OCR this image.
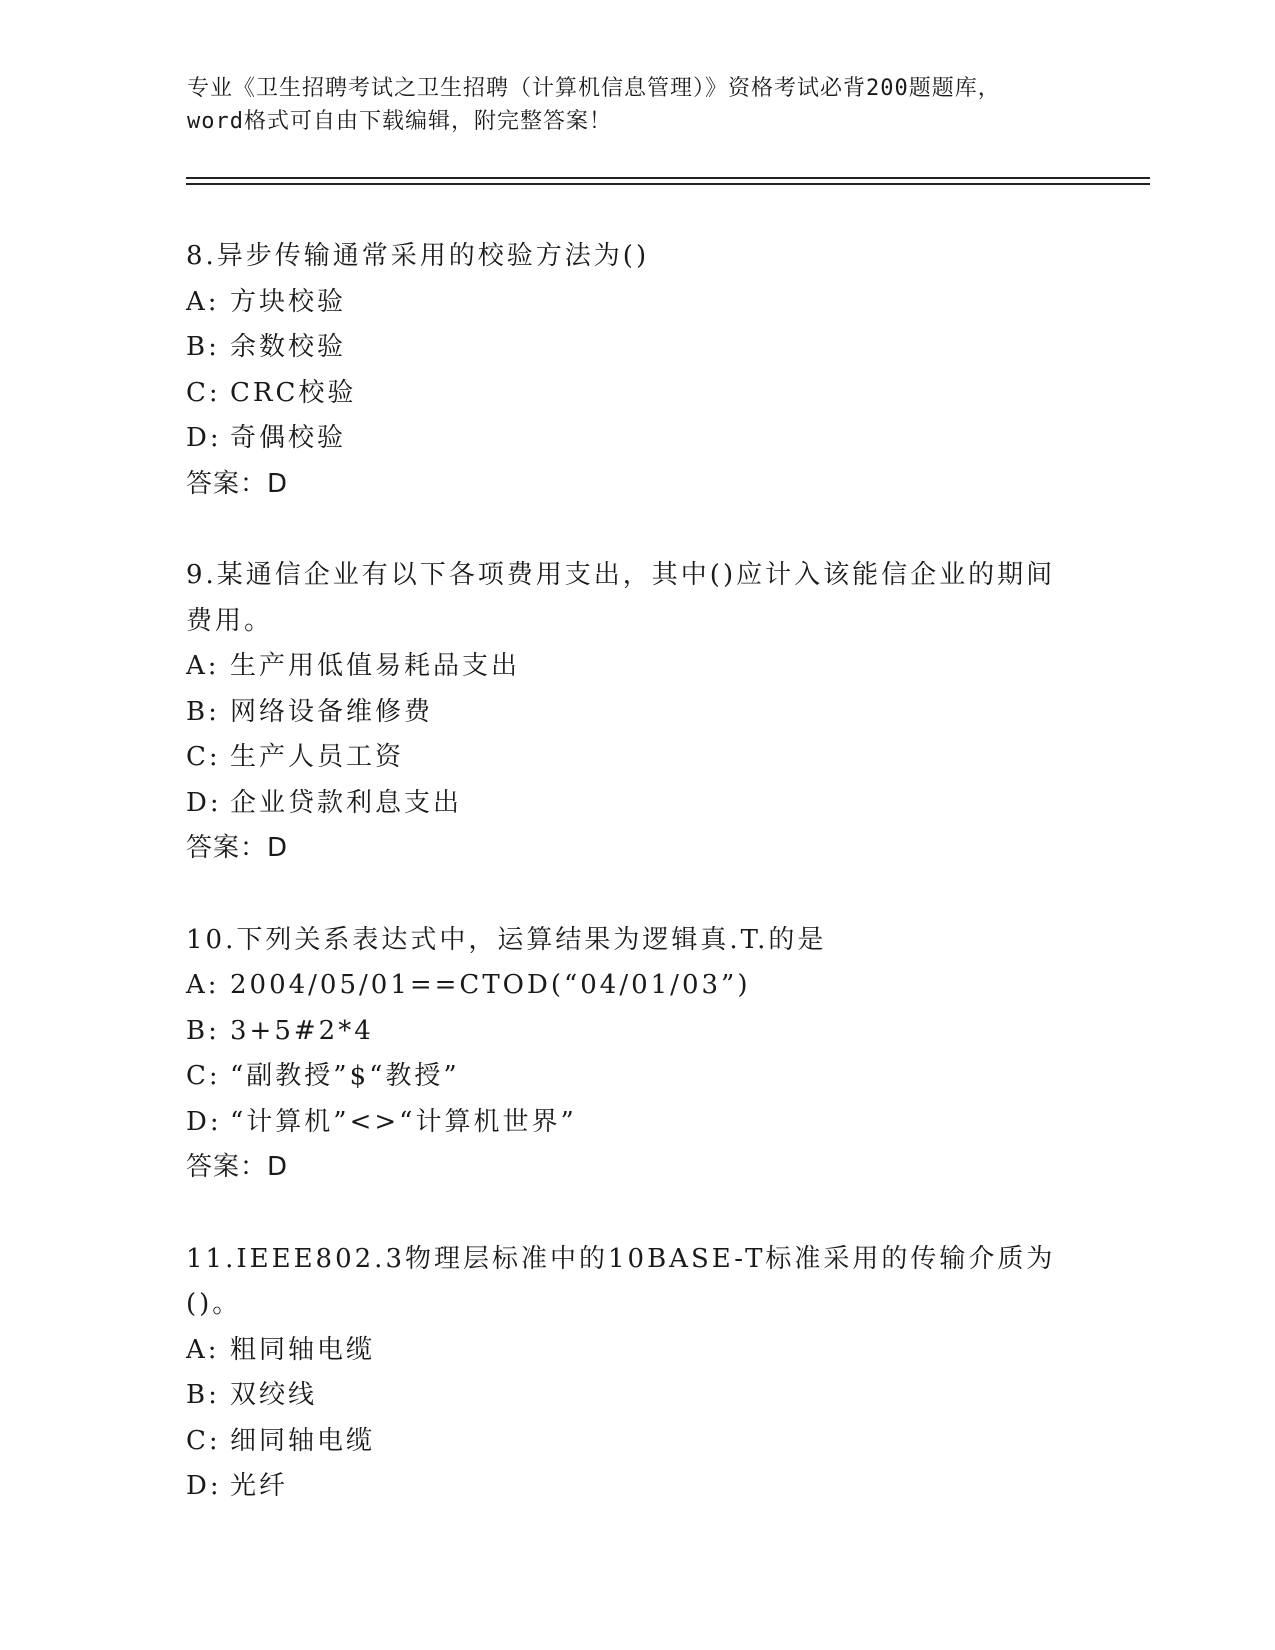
专业《卫生招聘考试之卫生招聘（计算机信息管理）》资格考试必背200题题库，
word格式可自由下载编辑，附完整答案！

8.异步传输通常采用的校验方法为()

A: 方块校验
B: 余数校验
C: CRC校验
D: 奇偶校验

答案：D

9.某通信企业有以下各项费用支出，其中()应计入该能信企业的期间

费用。

A: 生产用低值易耗品支出
B: 网络设备维修费
C: 生产人员工资
D: 企业贷款利息支出

答案：D

10.下列关系表达式中，运算结果为逻辑真.T.的是

A: 2004/05/01==CTOD(“04/01/03”)
B: 3+5#2*4
C: “副教授”$“教授”
D: “计算机”<>“计算机世界”

答案：D

11.IEEE802.3物理层标准中的10BASE-T标准采用的传输介质为()。

A: 粗同轴电缆
B: 双绞线
C: 细同轴电缆
D: 光纤
